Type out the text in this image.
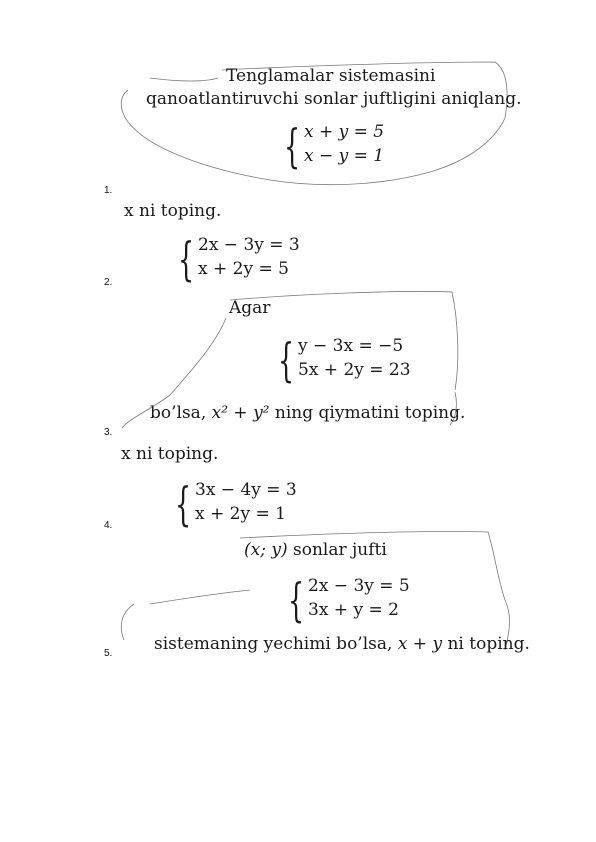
Tenglamalar sistemasini
qanoatlantiruvchi sonlar juftligini aniqlang.
{ x + y = 5
x − y = 1
1.
x ni toping.
{ 2x − 3y = 3
x + 2y = 5
2.
Agar
{ y − 3x = −5
5x + 2y = 23
bo’lsa, x² + y² ning qiymatini toping.
3.
x ni toping.
{ 3x − 4y = 3
x + 2y = 1
4.
(x; y) sonlar jufti
{ 2x − 3y = 5
3x + y = 2
sistemaning yechimi bo’lsa, x + y ni toping.
5.
